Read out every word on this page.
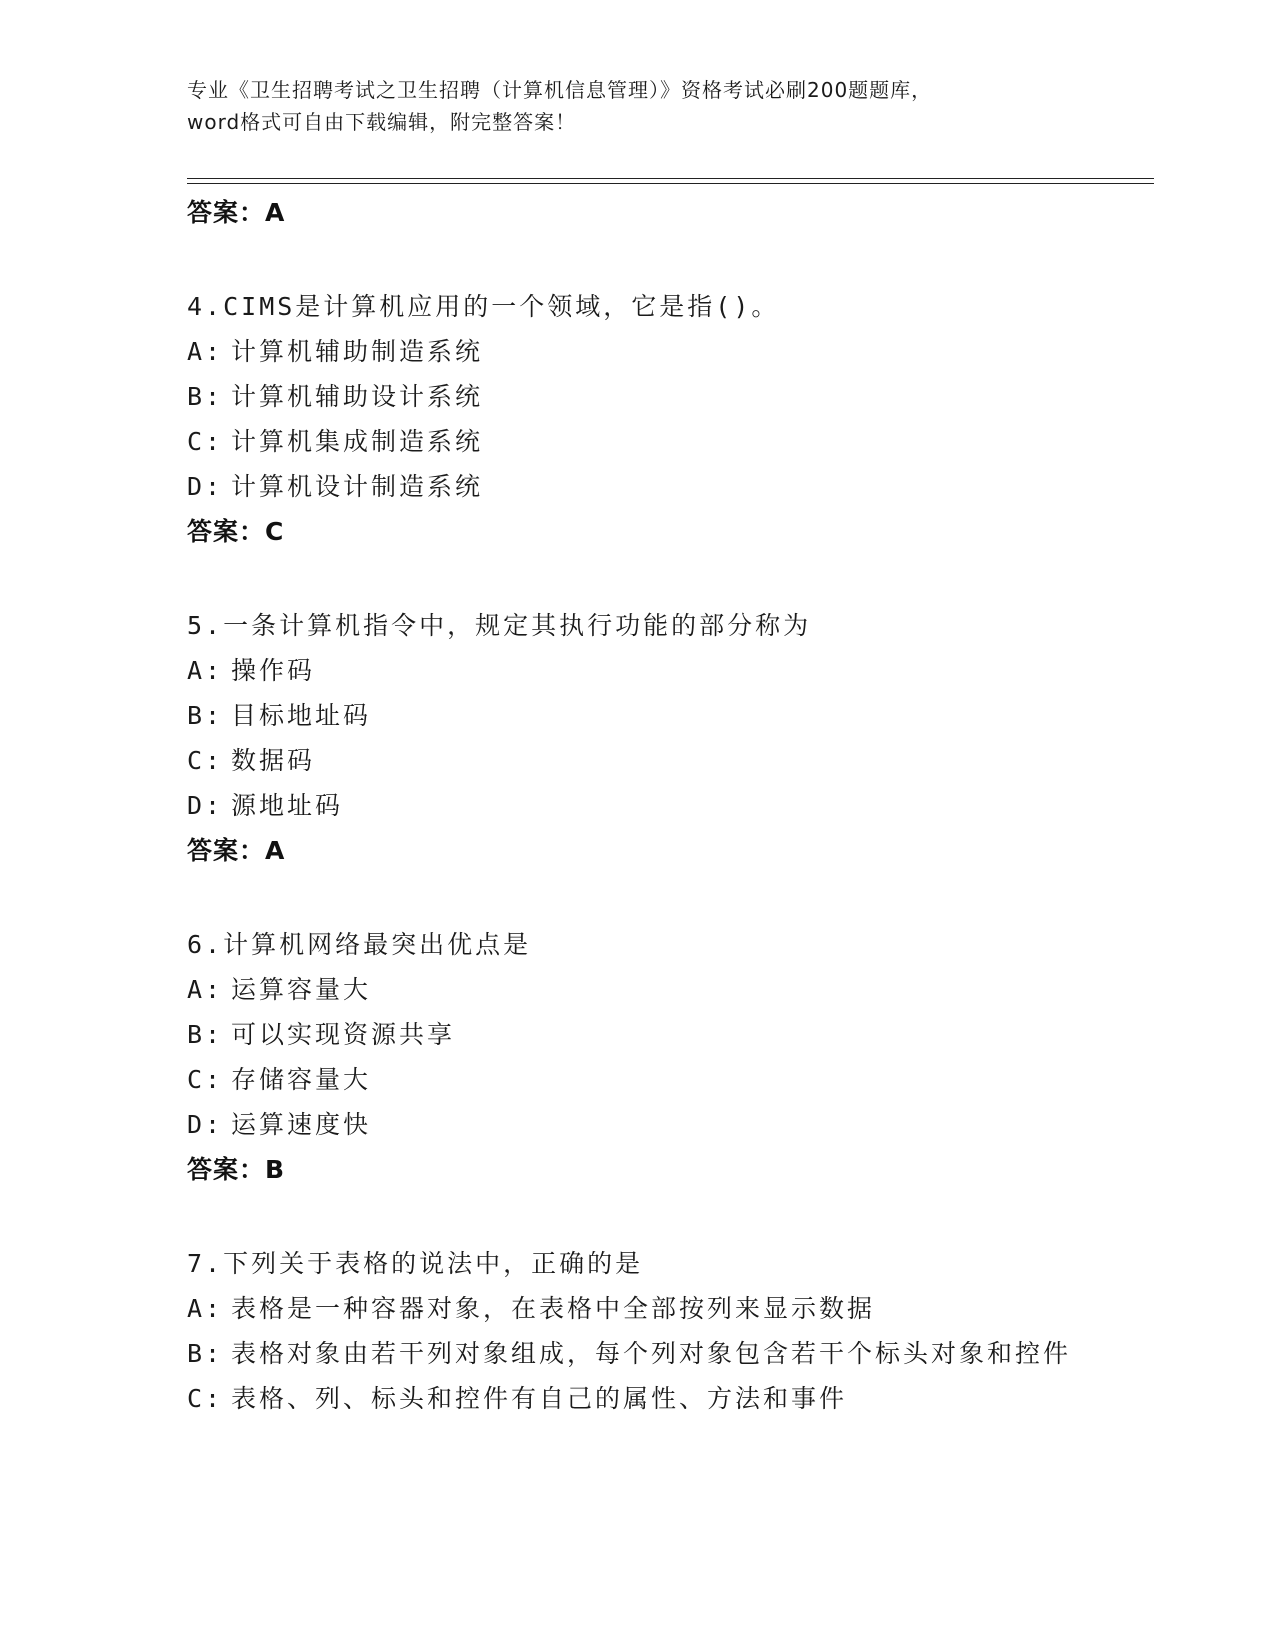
专业《卫生招聘考试之卫生招聘（计算机信息管理）》资格考试必刷200题题库，
word格式可自由下载编辑，附完整答案！
答案：A
4.CIMS是计算机应用的一个领域，它是指()。
A: 计算机辅助制造系统
B: 计算机辅助设计系统
C: 计算机集成制造系统
D: 计算机设计制造系统
答案：C
5.一条计算机指令中，规定其执行功能的部分称为
A: 操作码
B: 目标地址码
C: 数据码
D: 源地址码
答案：A
6.计算机网络最突出优点是
A: 运算容量大
B: 可以实现资源共享
C: 存储容量大
D: 运算速度快
答案：B
7.下列关于表格的说法中，正确的是
A: 表格是一种容器对象，在表格中全部按列来显示数据
B: 表格对象由若干列对象组成，每个列对象包含若干个标头对象和控件
C: 表格、列、标头和控件有自己的属性、方法和事件
